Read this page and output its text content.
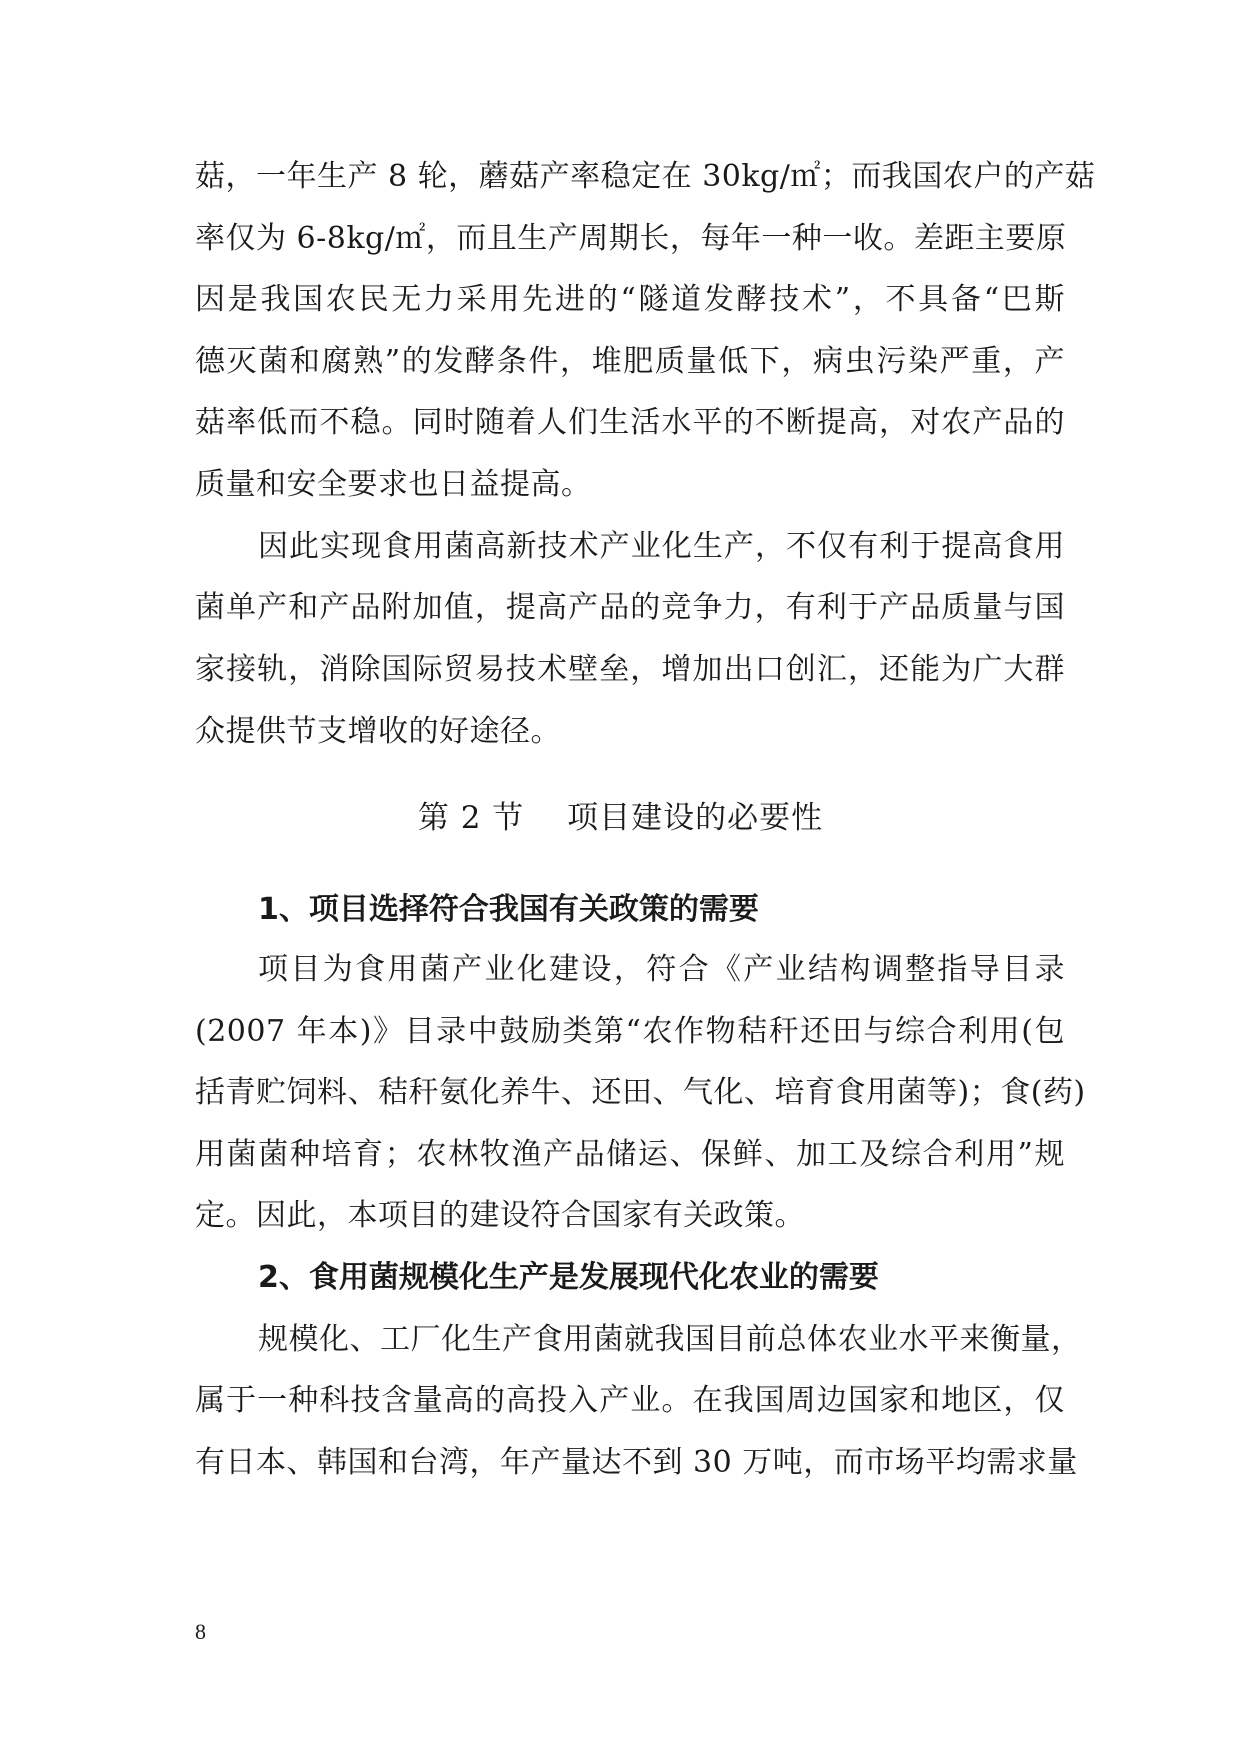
菇，一年生产 8 轮，蘑菇产率稳定在 30kg/㎡；而我国农户的产菇
率仅为 6-8kg/㎡，而且生产周期长，每年一种一收。差距主要原
因是我国农民无力采用先进的“隧道发酵技术”，不具备“巴斯
德灭菌和腐熟”的发酵条件，堆肥质量低下，病虫污染严重，产
菇率低而不稳。同时随着人们生活水平的不断提高，对农产品的
质量和安全要求也日益提高。
因此实现食用菌高新技术产业化生产，不仅有利于提高食用
菌单产和产品附加值，提高产品的竞争力，有利于产品质量与国
家接轨，消除国际贸易技术壁垒，增加出口创汇，还能为广大群
众提供节支增收的好途径。
第 2 节　 项目建设的必要性
1、项目选择符合我国有关政策的需要
项目为食用菌产业化建设，符合《产业结构调整指导目录
(2007 年本)》目录中鼓励类第“农作物秸秆还田与综合利用(包
括青贮饲料、秸秆氨化养牛、还田、气化、培育食用菌等)；食(药)
用菌菌种培育；农林牧渔产品储运、保鲜、加工及综合利用”规
定。因此，本项目的建设符合国家有关政策。
2、食用菌规模化生产是发展现代化农业的需要
规模化、工厂化生产食用菌就我国目前总体农业水平来衡量，
属于一种科技含量高的高投入产业。在我国周边国家和地区，仅
有日本、韩国和台湾，年产量达不到 30 万吨，而市场平均需求量
8
